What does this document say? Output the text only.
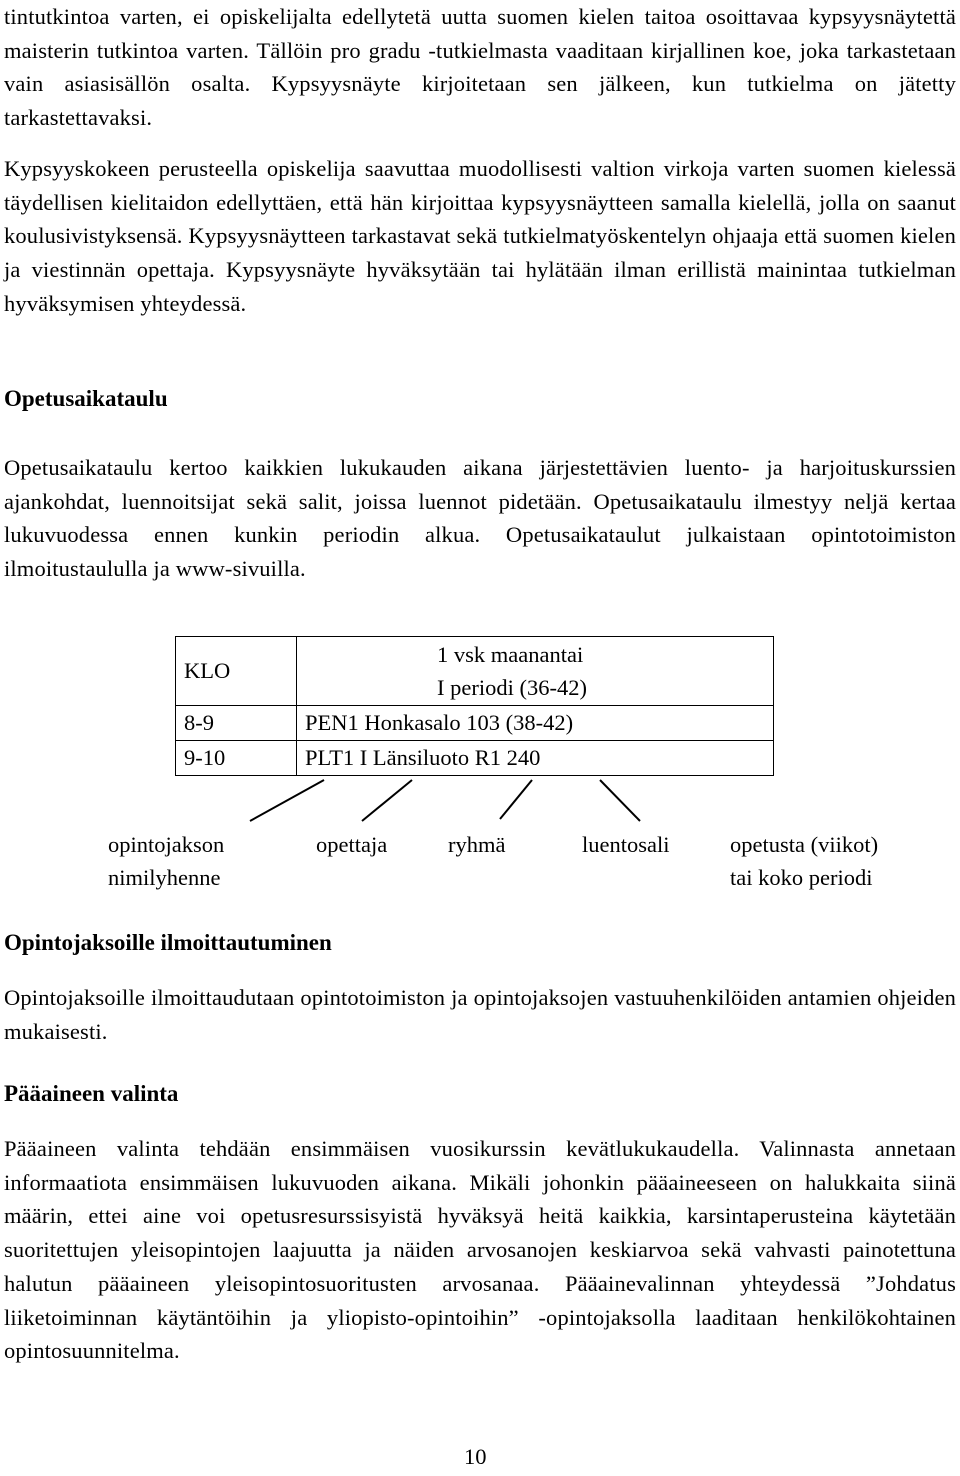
tintutkintoa varten, ei opiskelijalta edellytetä uutta suomen kielen taitoa osoittavaa kypsyysnäytettä maisterin tutkintoa varten. Tällöin pro gradu -tutkielmasta vaaditaan kirjallinen koe, joka tarkastetaan vain asiasisällön osalta. Kypsyysnäyte kirjoitetaan sen jälkeen, kun tutkielma on jätetty tarkastettavaksi.

Kypsyyskokeen perusteella opiskelija saavuttaa muodollisesti valtion virkoja varten suomen kielessä täydellisen kielitaidon edellyttäen, että hän kirjoittaa kypsyysnäytteen samalla kielellä, jolla on saanut koulusivistyksensä. Kypsyysnäytteen tarkastavat sekä tutkielmatyöskentelyn ohjaaja että suomen kielen ja viestinnän opettaja. Kypsyysnäyte hyväksytään tai hylätään ilman erillistä mainintaa tutkielman hyväksymisen yhteydessä.

Opetusaikataulu

Opetusaikataulu kertoo kaikkien lukukauden aikana järjestettävien luento- ja harjoituskurssien ajankohdat, luennoitsijat sekä salit, joissa luennot pidetään. Opetusaikataulu ilmestyy neljä kertaa lukuvuodessa ennen kunkin periodin alkua. Opetusaikataulut julkaistaan opintotoimiston ilmoitustaululla ja www-sivuilla.

KLO	1 vsk maanantai
I periodi (36-42)

8-9	PEN1 Honkasalo 103 (38-42)
9-10	PLT1 I Länsiluoto R1 240
opintojakson
nimilyhenne
opettaja	ryhmä	luentosali	opetusta (viikot)
tai koko periodi
Opintojaksoille ilmoittautuminen

Opintojaksoille ilmoittaudutaan opintotoimiston ja opintojaksojen vastuuhenkilöiden antamien ohjeiden mukaisesti.

Pääaineen valinta

Pääaineen valinta tehdään ensimmäisen vuosikurssin kevätlukukaudella. Valinnasta annetaan informaatiota ensimmäisen lukuvuoden aikana. Mikäli johonkin pääaineeseen on halukkaita siinä määrin, ettei aine voi opetusresurssisyistä hyväksyä heitä kaikkia, karsintaperusteina käytetään suoritettujen yleisopintojen laajuutta ja näiden arvosanojen keskiarvoa sekä vahvasti painotettuna halutun pääaineen yleisopintosuoritusten arvosanaa. Pääainevalinnan yhteydessä ”Johdatus liiketoiminnan käytäntöihin ja yliopisto-opintoihin” -opintojaksolla laaditaan henkilökohtainen opintosuunnitelma.

10
